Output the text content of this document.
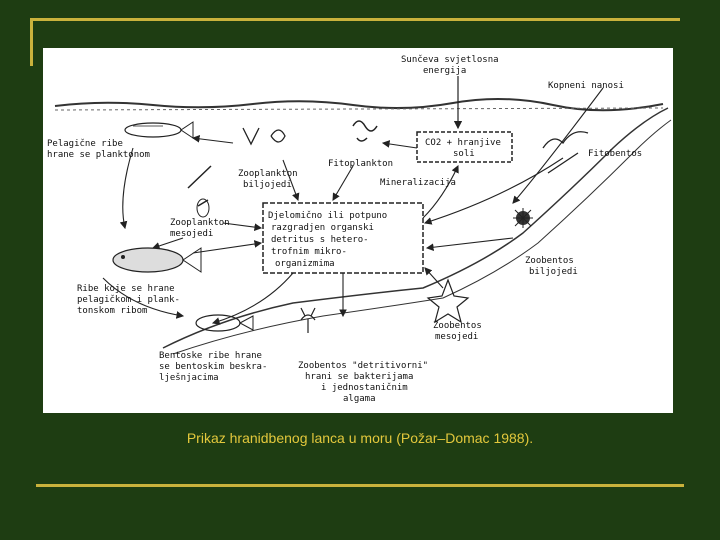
Sunčeva svjetlosna
energija
Kopneni nanosi
Pelagične ribe
hrane se planktonom
CO2 + hranjive
soli	Fitobentos
Fitoplankton
Zooplankton
biljojedi	Mineralizacija
Zooplankton
mesojedi
Djelomično ili potpuno
razgradjen organski
detritus s hetero-
trofnim mikro-
organizmima	Zoobentos
biljojedi
Ribe koje se hrane
pelagičkom i plank-
tonskom ribom
Zoobentos
mesojedi
Bentoske ribe hrane
se bentoskim beskra-
lješnjacima
Zoobentos "detritivorni"
hrani se bakterijama
i jednostaničnim
algama
Prikaz hranidbenog lanca u moru (Požar–Domac 1988).
